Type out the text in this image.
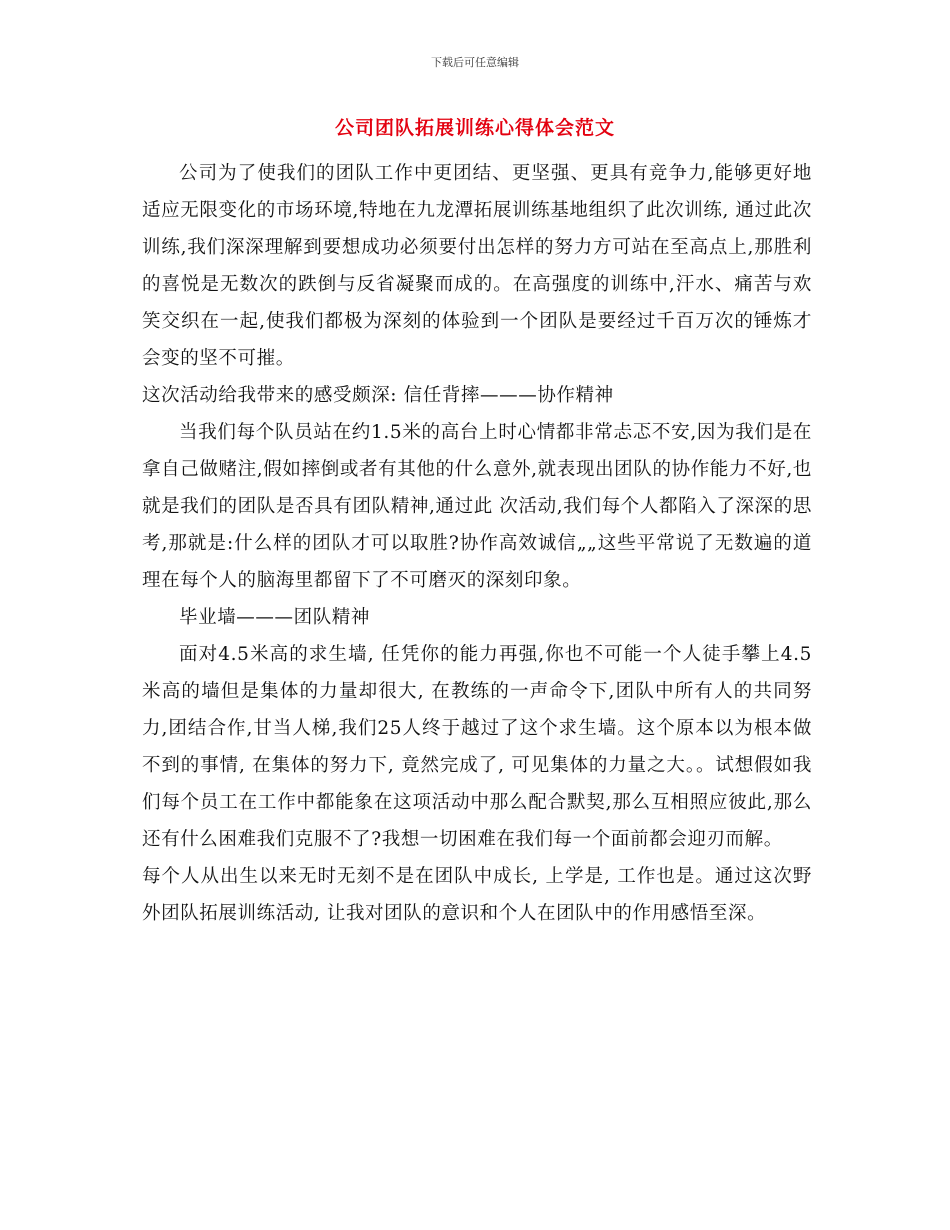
下载后可任意编辑
公司团队拓展训练心得体会范文

公司为了使我们的团队工作中更团结、更坚强、更具有竞争力,能够更好地适应无限变化的市场环境,特地在九龙潭拓展训练基地组织了此次训练, 通过此次训练,我们深深理解到要想成功必须要付出怎样的努力方可站在至高点上,那胜利的喜悦是无数次的跌倒与反省凝聚而成的。在高强度的训练中,汗水、痛苦与欢笑交织在一起,使我们都极为深刻的体验到一个团队是要经过千百万次的锤炼才会变的坚不可摧。

这次活动给我带来的感受颇深: 信任背摔———协作精神

当我们每个队员站在约1.5米的高台上时心情都非常忐忑不安,因为我们是在拿自己做赌注,假如摔倒或者有其他的什么意外,就表现出团队的协作能力不好,也就是我们的团队是否具有团队精神,通过此 次活动,我们每个人都陷入了深深的思考,那就是:什么样的团队才可以取胜?协作高效诚信„„这些平常说了无数遍的道理在每个人的脑海里都留下了不可磨灭的深刻印象。

毕业墙———团队精神

面对4.5米高的求生墙, 任凭你的能力再强,你也不可能一个人徒手攀上4.5米高的墙但是集体的力量却很大, 在教练的一声命令下,团队中所有人的共同努力,团结合作,甘当人梯,我们25人终于越过了这个求生墙。这个原本以为根本做不到的事情, 在集体的努力下, 竟然完成了, 可见集体的力量之大。。试想假如我们每个员工在工作中都能象在这项活动中那么配合默契,那么互相照应彼此,那么还有什么困难我们克服不了?我想一切困难在我们每一个面前都会迎刃而解。

每个人从出生以来无时无刻不是在团队中成长, 上学是, 工作也是。通过这次野外团队拓展训练活动, 让我对团队的意识和个人在团队中的作用感悟至深。
